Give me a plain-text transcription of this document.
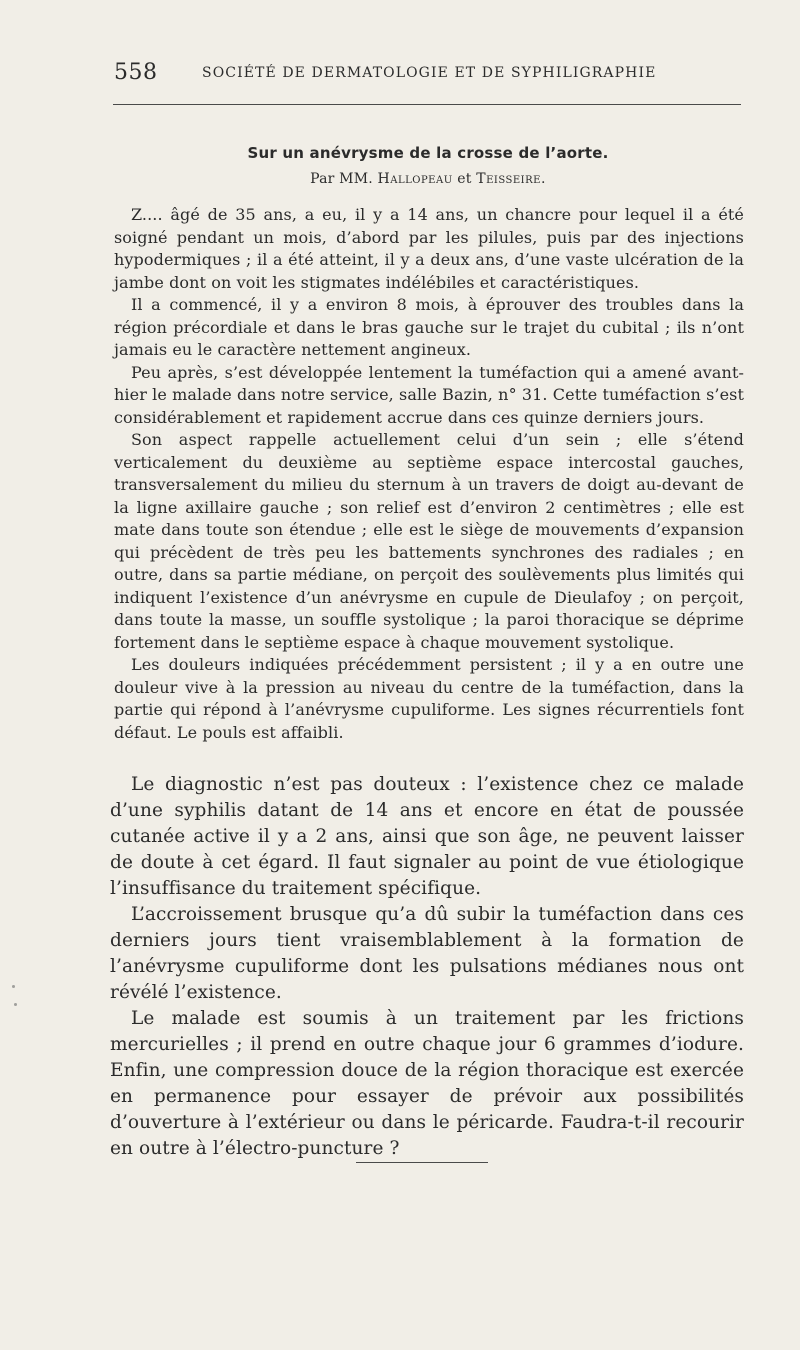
558	SOCIÉTÉ DE DERMATOLOGIE ET DE SYPHILIGRAPHIE
Sur un anévrysme de la crosse de l’aorte.
Par MM. Hallopeau et Teisseire.

Z.... âgé de 35 ans, a eu, il y a 14 ans, un chancre pour lequel il a été soigné pendant un mois, d’abord par les pilules, puis par des injections hypodermiques ; il a été atteint, il y a deux ans, d’une vaste ulcération de la jambe dont on voit les stigmates indélébiles et caractéristiques.

Il a commencé, il y a environ 8 mois, à éprouver des troubles dans la région précordiale et dans le bras gauche sur le trajet du cubital ; ils n’ont jamais eu le caractère nettement angineux.

Peu après, s’est développée lentement la tuméfaction qui a amené avant-hier le malade dans notre service, salle Bazin, n° 31. Cette tuméfaction s’est considérablement et rapidement accrue dans ces quinze derniers jours.

Son aspect rappelle actuellement celui d’un sein ; elle s’étend verticalement du deuxième au septième espace intercostal gauches, transversalement du milieu du sternum à un travers de doigt au-devant de la ligne axillaire gauche ; son relief est d’environ 2 centimètres ; elle est mate dans toute son étendue ; elle est le siège de mouvements d’expansion qui précèdent de très peu les battements synchrones des radiales ; en outre, dans sa partie médiane, on perçoit des soulèvements plus limités qui indiquent l’existence d’un anévrysme en cupule de Dieulafoy ; on perçoit, dans toute la masse, un souffle systolique ; la paroi thoracique se déprime fortement dans le septième espace à chaque mouvement systolique.

Les douleurs indiquées précédemment persistent ; il y a en outre une douleur vive à la pression au niveau du centre de la tuméfaction, dans la partie qui répond à l’anévrysme cupuliforme. Les signes récurrentiels font défaut. Le pouls est affaibli.

Le diagnostic n’est pas douteux : l’existence chez ce malade d’une syphilis datant de 14 ans et encore en état de poussée cutanée active il y a 2 ans, ainsi que son âge, ne peuvent laisser de doute à cet égard. Il faut signaler au point de vue étiologique l’insuffisance du traitement spécifique.

L’accroissement brusque qu’a dû subir la tuméfaction dans ces derniers jours tient vraisemblablement à la formation de l’anévrysme cupuliforme dont les pulsations médianes nous ont révélé l’existence.

Le malade est soumis à un traitement par les frictions mercurielles ; il prend en outre chaque jour 6 grammes d’iodure. Enfin, une compression douce de la région thoracique est exercée en permanence pour essayer de prévoir aux possibilités d’ouverture à l’extérieur ou dans le péricarde. Faudra-t-il recourir en outre à l’électro-puncture ?
